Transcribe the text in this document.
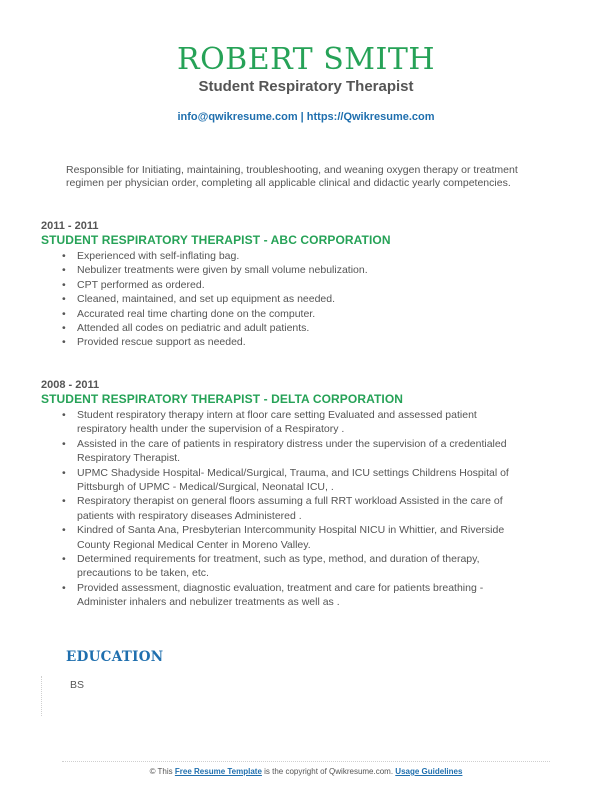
ROBERT SMITH
Student Respiratory Therapist
info@qwikresume.com | https://Qwikresume.com

Responsible for Initiating, maintaining, troubleshooting, and weaning oxygen therapy or treatment regimen per physician order, completing all applicable clinical and didactic yearly competencies.

2011 - 2011
STUDENT RESPIRATORY THERAPIST - ABC CORPORATION
• Experienced with self-inflating bag.
• Nebulizer treatments were given by small volume nebulization.
• CPT performed as ordered.
• Cleaned, maintained, and set up equipment as needed.
• Accurated real time charting done on the computer.
• Attended all codes on pediatric and adult patients.
• Provided rescue support as needed.
2008 - 2011
STUDENT RESPIRATORY THERAPIST - DELTA CORPORATION
• Student respiratory therapy intern at floor care setting Evaluated and assessed patient respiratory health under the supervision of a Respiratory .
• Assisted in the care of patients in respiratory distress under the supervision of a credentialed Respiratory Therapist.
• UPMC Shadyside Hospital- Medical/Surgical, Trauma, and ICU settings Childrens Hospital of Pittsburgh of UPMC - Medical/Surgical, Neonatal ICU, .
• Respiratory therapist on general floors assuming a full RRT workload Assisted in the care of patients with respiratory diseases Administered .
• Kindred of Santa Ana, Presbyterian Intercommunity Hospital NICU in Whittier, and Riverside County Regional Medical Center in Moreno Valley.
• Determined requirements for treatment, such as type, method, and duration of therapy, precautions to be taken, etc.
• Provided assessment, diagnostic evaluation, treatment and care for patients breathing - Administer inhalers and nebulizer treatments as well as .
EDUCATION
BS
© This Free Resume Template is the copyright of Qwikresume.com. Usage Guidelines
